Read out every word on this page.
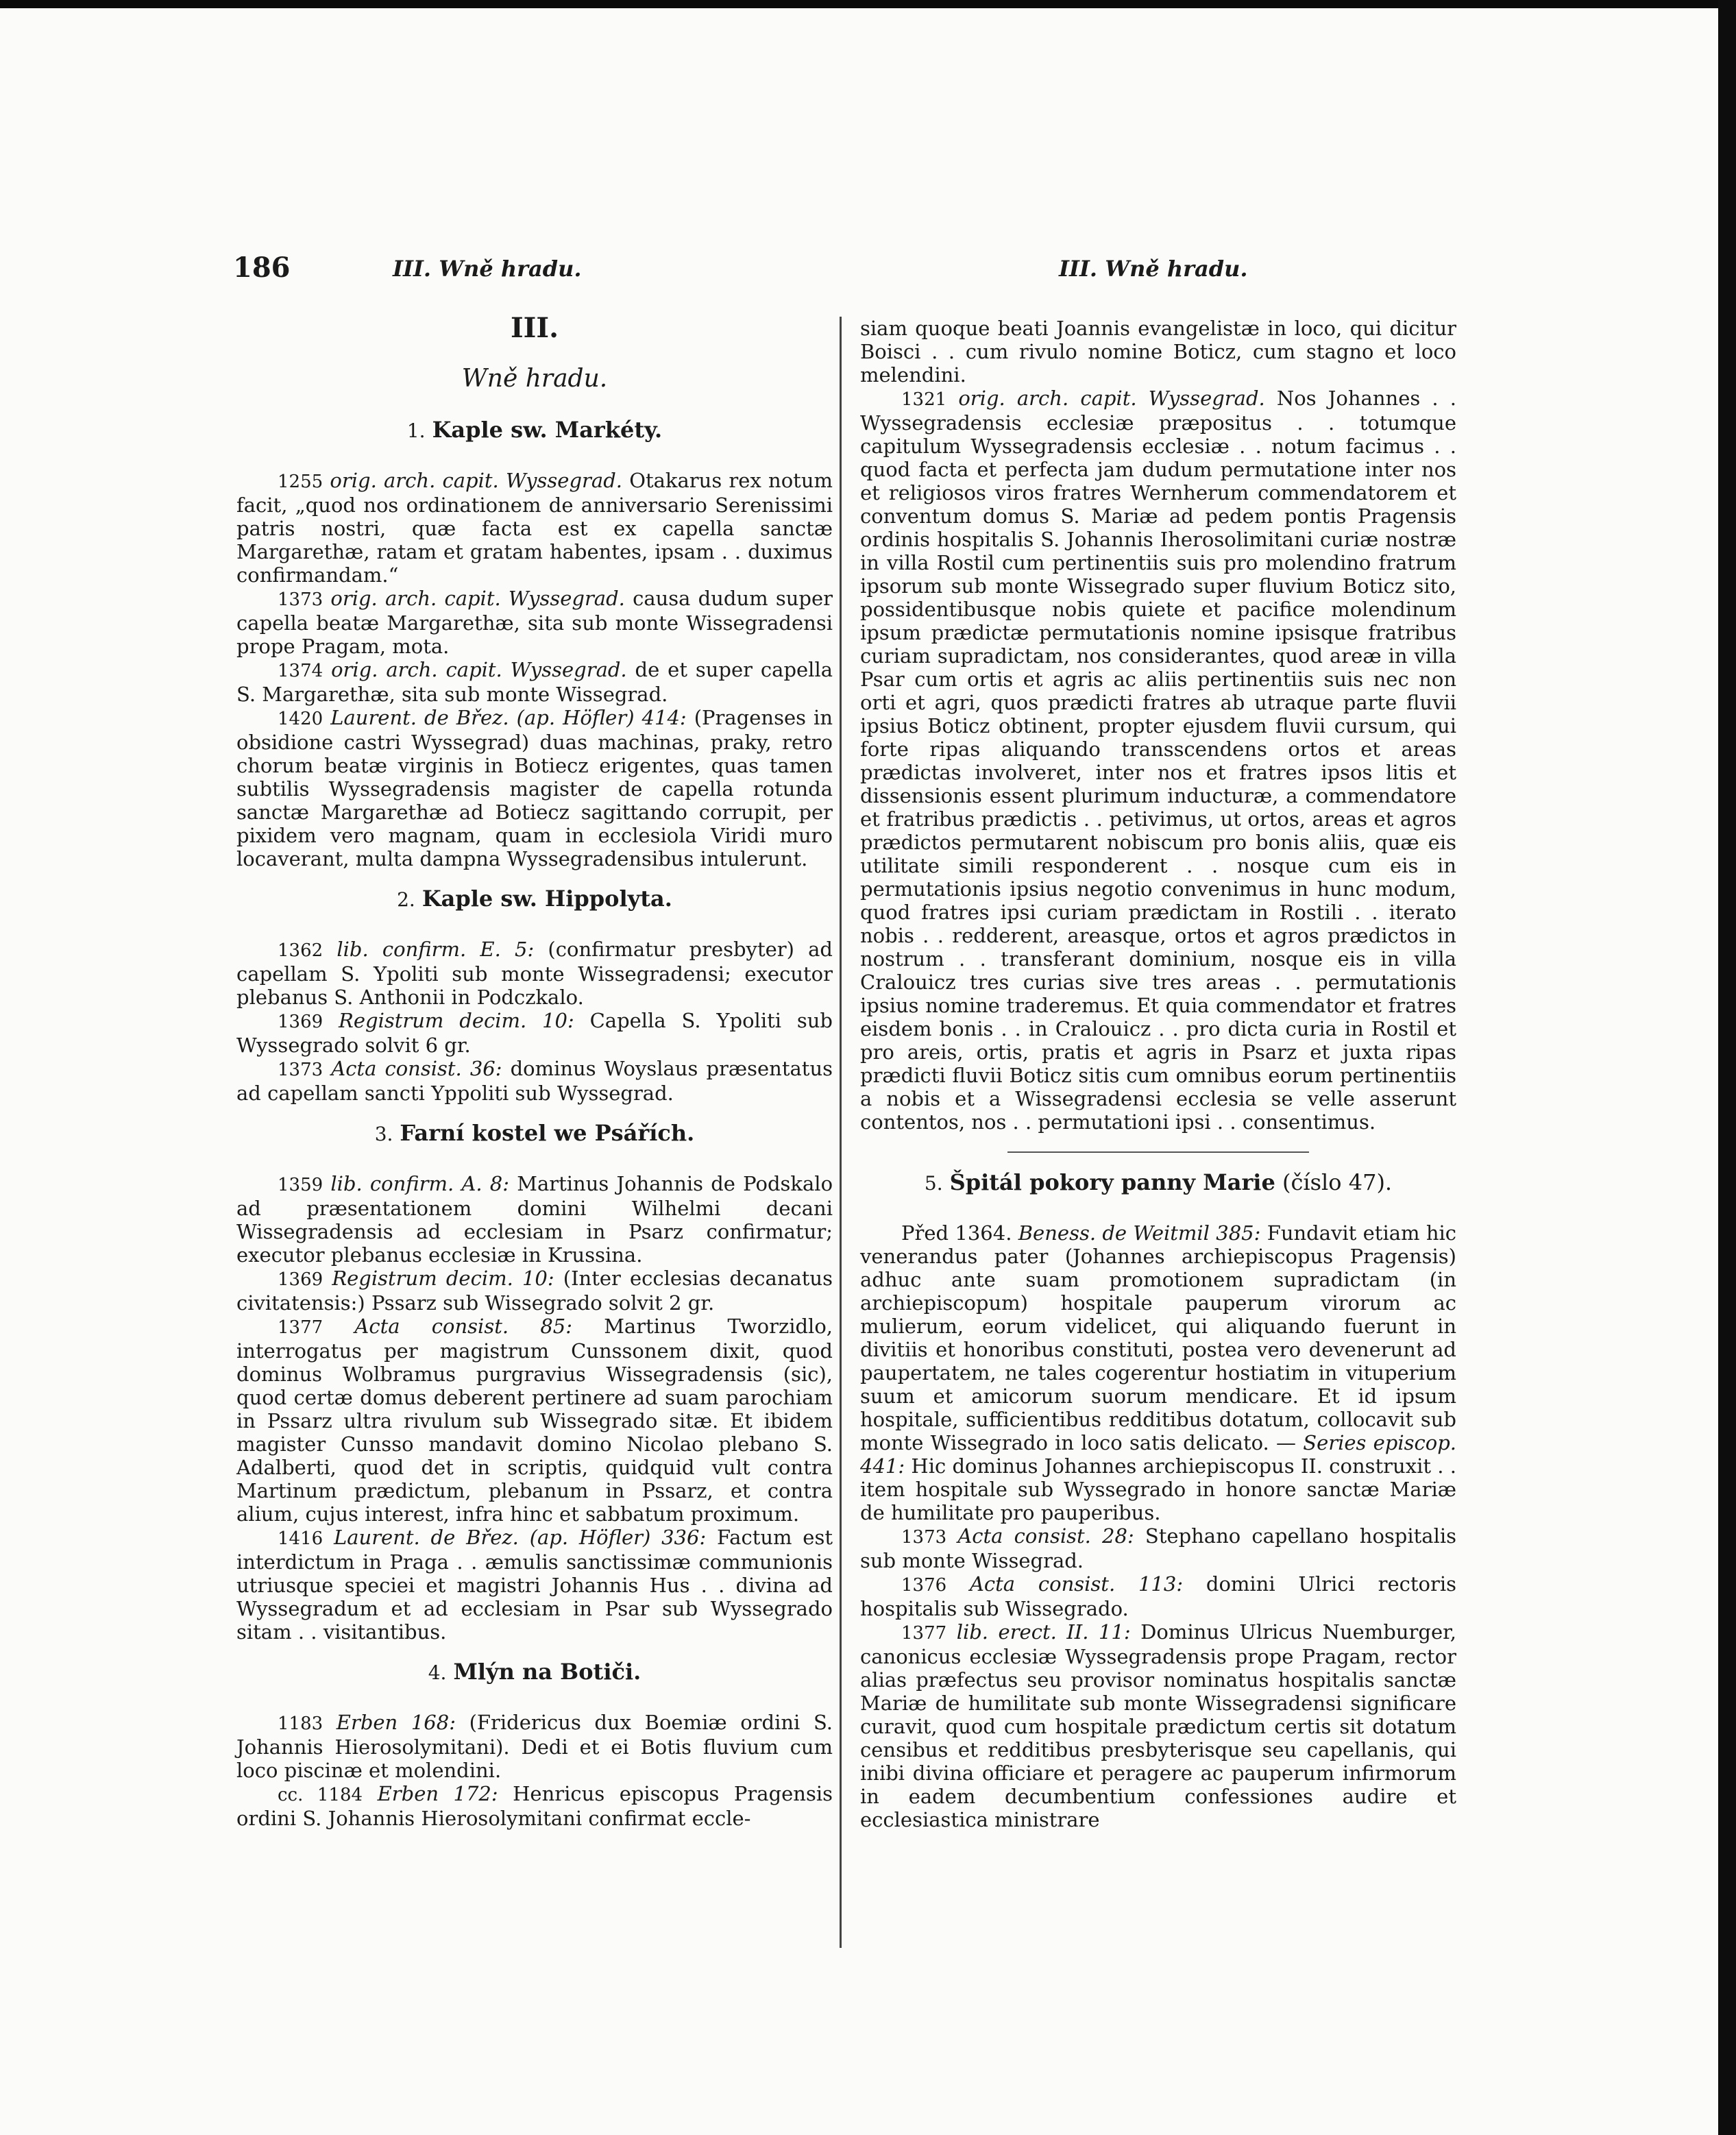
186	III. Wně hradu.	III. Wně hradu.
III.
Wně hradu.
1. Kaple sw. Markéty.

1255 orig. arch. capit. Wyssegrad. Otakarus rex notum facit, „quod nos ordinationem de anniversario Serenissimi patris nostri, quæ facta est ex capella sanctæ Margarethæ, ratam et gratam habentes, ipsam . . duximus confirmandam.“

1373 orig. arch. capit. Wyssegrad. causa dudum super capella beatæ Margarethæ, sita sub monte Wissegradensi prope Pragam, mota.

1374 orig. arch. capit. Wyssegrad. de et super capella S. Margarethæ, sita sub monte Wissegrad.

1420 Laurent. de Břez. (ap. Höfler) 414: (Pragenses in obsidione castri Wyssegrad) duas machinas, praky, retro chorum beatæ virginis in Botiecz erigentes, quas tamen subtilis Wyssegradensis magister de capella rotunda sanctæ Margarethæ ad Botiecz sagittando corrupit, per pixidem vero magnam, quam in ecclesiola Viridi muro locaverant, multa dampna Wyssegradensibus intulerunt.

2. Kaple sw. Hippolyta.

1362 lib. confirm. E. 5: (confirmatur presbyter) ad capellam S. Ypoliti sub monte Wissegradensi; executor plebanus S. Anthonii in Podczkalo.

1369 Registrum decim. 10: Capella S. Ypoliti sub Wyssegrado solvit 6 gr.

1373 Acta consist. 36: dominus Woyslaus præsentatus ad capellam sancti Yppoliti sub Wyssegrad.

3. Farní kostel we Psářích.

1359 lib. confirm. A. 8: Martinus Johannis de Podskalo ad præsentationem domini Wilhelmi decani Wissegradensis ad ecclesiam in Psarz confirmatur; executor plebanus ecclesiæ in Krussina.

1369 Registrum decim. 10: (Inter ecclesias decanatus civitatensis:) Pssarz sub Wissegrado solvit 2 gr.

1377 Acta consist. 85: Martinus Tworzidlo, interrogatus per magistrum Cunssonem dixit, quod dominus Wolbramus purgravius Wissegradensis (sic), quod certæ domus deberent pertinere ad suam parochiam in Pssarz ultra rivulum sub Wissegrado sitæ. Et ibidem magister Cunsso mandavit domino Nicolao plebano S. Adalberti, quod det in scriptis, quidquid vult contra Martinum prædictum, plebanum in Pssarz, et contra alium, cujus interest, infra hinc et sabbatum proximum.

1416 Laurent. de Břez. (ap. Höfler) 336: Factum est interdictum in Praga . . æmulis sanctissimæ communionis utriusque speciei et magistri Johannis Hus . . divina ad Wyssegradum et ad ecclesiam in Psar sub Wyssegrado sitam . . visitantibus.

4. Mlýn na Botiči.

1183 Erben 168: (Fridericus dux Boemiæ ordini S. Johannis Hierosolymitani). Dedi et ei Botis fluvium cum loco piscinæ et molendini.

cc. 1184 Erben 172: Henricus episcopus Pragensis ordini S. Johannis Hierosolymitani confirmat eccle-

siam quoque beati Joannis evangelistæ in loco, qui dicitur Boisci . . cum rivulo nomine Boticz, cum stagno et loco melendini.

1321 orig. arch. capit. Wyssegrad. Nos Johannes . . Wyssegradensis ecclesiæ præpositus . . totumque capitulum Wyssegradensis ecclesiæ . . notum facimus . . quod facta et perfecta jam dudum permutatione inter nos et religiosos viros fratres Wernherum commendatorem et conventum domus S. Mariæ ad pedem pontis Pragensis ordinis hospitalis S. Johannis Iherosolimitani curiæ nostræ in villa Rostil cum pertinentiis suis pro molendino fratrum ipsorum sub monte Wissegrado super fluvium Boticz sito, possidentibusque nobis quiete et pacifice molendinum ipsum prædictæ permutationis nomine ipsisque fratribus curiam supradictam, nos considerantes, quod areæ in villa Psar cum ortis et agris ac aliis pertinentiis suis nec non orti et agri, quos prædicti fratres ab utraque parte fluvii ipsius Boticz obtinent, propter ejusdem fluvii cursum, qui forte ripas aliquando transscendens ortos et areas prædictas involveret, inter nos et fratres ipsos litis et dissensionis essent plurimum inducturæ, a commendatore et fratribus prædictis . . petivimus, ut ortos, areas et agros prædictos permutarent nobiscum pro bonis aliis, quæ eis utilitate simili responderent . . nosque cum eis in permutationis ipsius negotio convenimus in hunc modum, quod fratres ipsi curiam prædictam in Rostili . . iterato nobis . . redderent, areasque, ortos et agros prædictos in nostrum . . transferant dominium, nosque eis in villa Cralouicz tres curias sive tres areas . . permutationis ipsius nomine traderemus. Et quia commendator et fratres eisdem bonis . . in Cralouicz . . pro dicta curia in Rostil et pro areis, ortis, pratis et agris in Psarz et juxta ripas prædicti fluvii Boticz sitis cum omnibus eorum pertinentiis a nobis et a Wissegradensi ecclesia se velle asserunt contentos, nos . . permutationi ipsi . . consentimus.

5. Špitál pokory panny Marie (číslo 47).

Před 1364. Beness. de Weitmil 385: Fundavit etiam hic venerandus pater (Johannes archiepiscopus Pragensis) adhuc ante suam promotionem supradictam (in archiepiscopum) hospitale pauperum virorum ac mulierum, eorum videlicet, qui aliquando fuerunt in divitiis et honoribus constituti, postea vero devenerunt ad paupertatem, ne tales cogerentur hostiatim in vituperium suum et amicorum suorum mendicare. Et id ipsum hospitale, sufficientibus redditibus dotatum, collocavit sub monte Wissegrado in loco satis delicato. — Series episcop. 441: Hic dominus Johannes archiepiscopus II. construxit . . item hospitale sub Wyssegrado in honore sanctæ Mariæ de humilitate pro pauperibus.

1373 Acta consist. 28: Stephano capellano hospitalis sub monte Wissegrad.

1376 Acta consist. 113: domini Ulrici rectoris hospitalis sub Wissegrado.

1377 lib. erect. II. 11: Dominus Ulricus Nuemburger, canonicus ecclesiæ Wyssegradensis prope Pragam, rector alias præfectus seu provisor nominatus hospitalis sanctæ Mariæ de humilitate sub monte Wissegradensi significare curavit, quod cum hospitale prædictum certis sit dotatum censibus et redditibus presbyterisque seu capellanis, qui inibi divina officiare et peragere ac pauperum infirmorum in eadem decumbentium confessiones audire et ecclesiastica ministrare
